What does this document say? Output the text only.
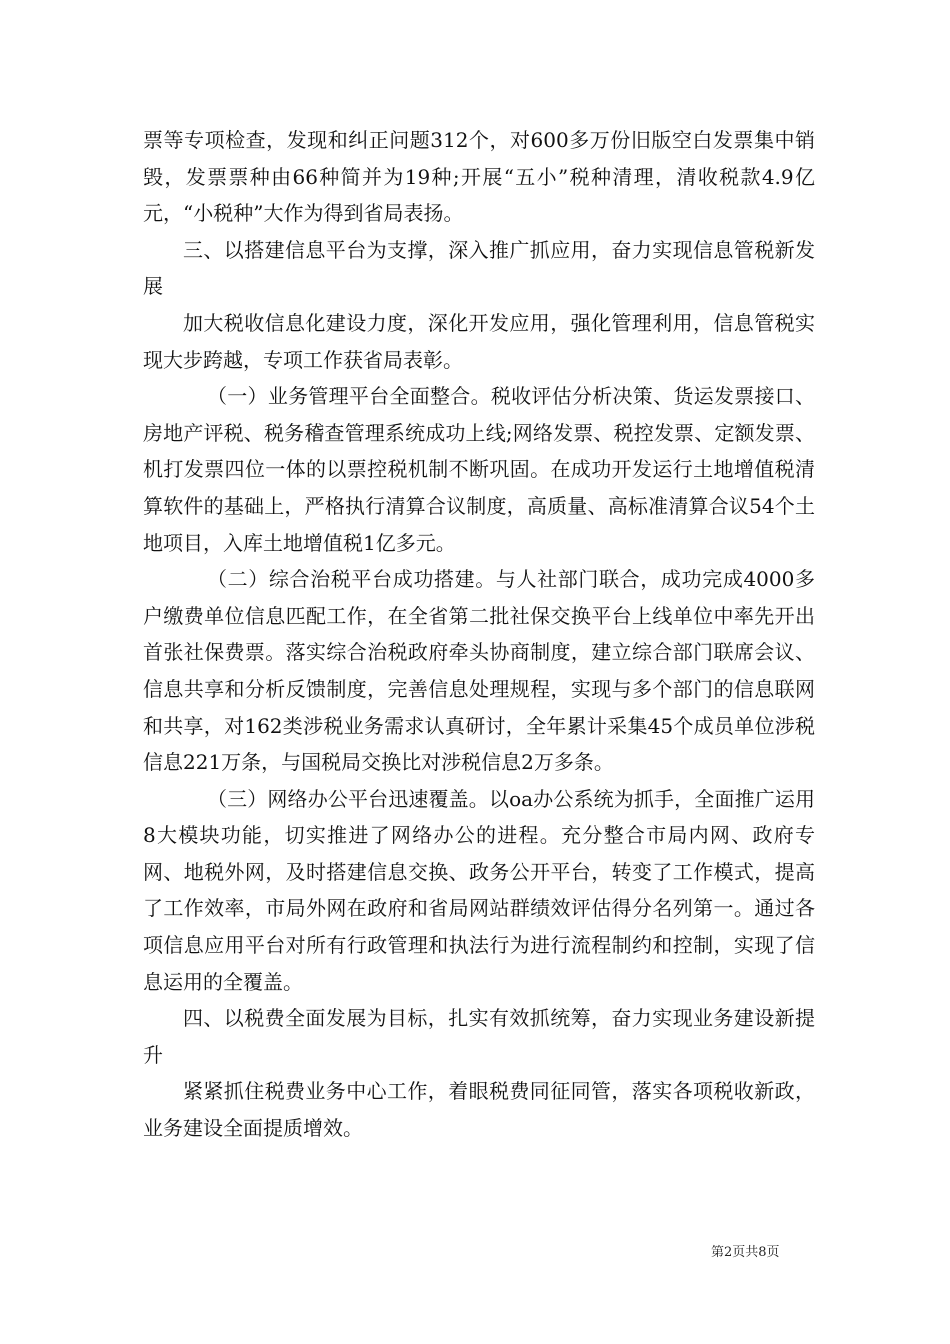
票等专项检查，发现和纠正问题312个，对600多万份旧版空白发票集中销毁，发票票种由66种简并为19种;开展“五小”税种清理，清收税款4.9亿元，“小税种”大作为得到省局表扬。

三、以搭建信息平台为支撑，深入推广抓应用，奋力实现信息管税新发展

加大税收信息化建设力度，深化开发应用，强化管理利用，信息管税实现大步跨越，专项工作获省局表彰。

（一）业务管理平台全面整合。税收评估分析决策、货运发票接口、房地产评税、税务稽查管理系统成功上线;网络发票、税控发票、定额发票、机打发票四位一体的以票控税机制不断巩固。在成功开发运行土地增值税清算软件的基础上，严格执行清算合议制度，高质量、高标准清算合议54个土地项目，入库土地增值税1亿多元。

（二）综合治税平台成功搭建。与人社部门联合，成功完成4000多户缴费单位信息匹配工作，在全省第二批社保交换平台上线单位中率先开出首张社保费票。落实综合治税政府牵头协商制度，建立综合部门联席会议、信息共享和分析反馈制度，完善信息处理规程，实现与多个部门的信息联网和共享，对162类涉税业务需求认真研讨，全年累计采集45个成员单位涉税信息221万条，与国税局交换比对涉税信息2万多条。

（三）网络办公平台迅速覆盖。以oa办公系统为抓手，全面推广运用8大模块功能，切实推进了网络办公的进程。充分整合市局内网、政府专网、地税外网，及时搭建信息交换、政务公开平台，转变了工作模式，提高了工作效率，市局外网在政府和省局网站群绩效评估得分名列第一。通过各项信息应用平台对所有行政管理和执法行为进行流程制约和控制，实现了信息运用的全覆盖。

四、以税费全面发展为目标，扎实有效抓统筹，奋力实现业务建设新提升

紧紧抓住税费业务中心工作，着眼税费同征同管，落实各项税收新政，业务建设全面提质增效。

第2页共8页
